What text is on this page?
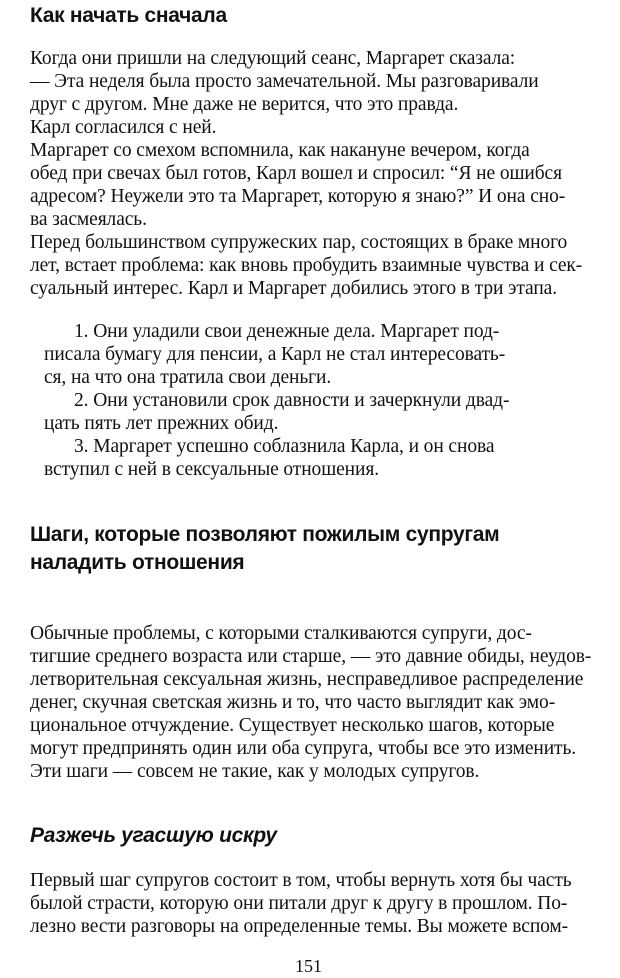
Как начать сначала
Когда они пришли на следующий сеанс, Маргарет сказала:
— Эта неделя была просто замечательной. Мы разговаривали
друг с другом. Мне даже не верится, что это правда.
Карл согласился с ней.
Маргарет со смехом вспомнила, как накануне вечером, когда
обед при свечах был готов, Карл вошел и спросил: “Я не ошибся
адресом? Неужели это та Маргарет, которую я знаю?” И она сно-
ва засмеялась.
Перед большинством супружеских пар, состоящих в браке много
лет, встает проблема: как вновь пробудить взаимные чувства и сек-
суальный интерес. Карл и Маргарет добились этого в три этапа.
1. Они уладили свои денежные дела. Маргарет под-
писала бумагу для пенсии, а Карл не стал интересовать-
ся, на что она тратила свои деньги.
2. Они установили срок давности и зачеркнули двад-
цать пять лет прежних обид.
3. Маргарет успешно соблазнила Карла, и он снова
вступил с ней в сексуальные отношения.
Шаги, которые позволяют пожилым супругам
наладить отношения
Обычные проблемы, с которыми сталкиваются супруги, дос-
тигшие среднего возраста или старше, — это давние обиды, неудов-
летворительная сексуальная жизнь, несправедливое распределение
денег, скучная светская жизнь и то, что часто выглядит как эмо-
циональное отчуждение. Существует несколько шагов, которые
могут предпринять один или оба супруга, чтобы все это изменить.
Эти шаги — совсем не такие, как у молодых супругов.
Разжечь угасшую искру
Первый шаг супругов состоит в том, чтобы вернуть хотя бы часть
былой страсти, которую они питали друг к другу в прошлом. По-
лезно вести разговоры на определенные темы. Вы можете вспом-
151
